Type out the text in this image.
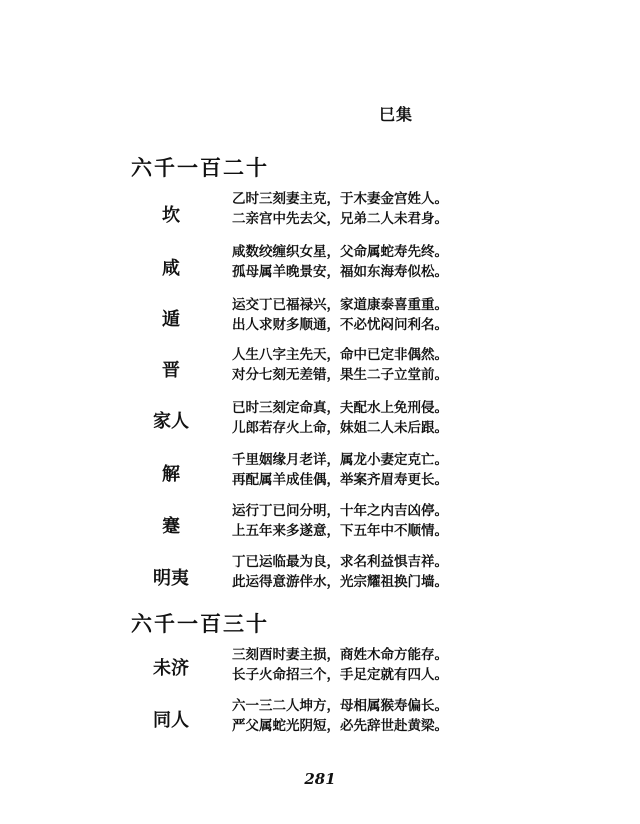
巳集
六千一百二十
坎
乙时三刻妻主克，于木妻金宫姓人。
二亲宫中先去父，兄弟二人未君身。
咸
咸数绞缠织女星，父命属蛇寿先终。
孤母属羊晚景安，福如东海寿似松。
遁
运交丁已福禄兴，家道康泰喜重重。
出人求财多顺通，不必忧闷问利名。
晋
人生八字主先天，命中已定非偶然。
对分七刻无差错，果生二子立堂前。
家人
已时三刻定命真，夫配水上免刑侵。
儿郎若存火上命，妹姐二人未后跟。
解
千里姻缘月老详，属龙小妻定克亡。
再配属羊成佳偶，举案齐眉寿更长。
蹇
运行丁已问分明，十年之内吉凶停。
上五年来多遂意，下五年中不顺情。
明夷
丁已运临最为良，求名利益惧吉祥。
此运得意游伴水，光宗耀祖换门墙。
六千一百三十
未济
三刻酉时妻主损，商姓木命方能存。
长子火命招三个，手足定就有四人。
同人
六一三二人坤方，母相属猴寿偏长。
严父属蛇光阴短，必先辞世赴黄梁。
281
